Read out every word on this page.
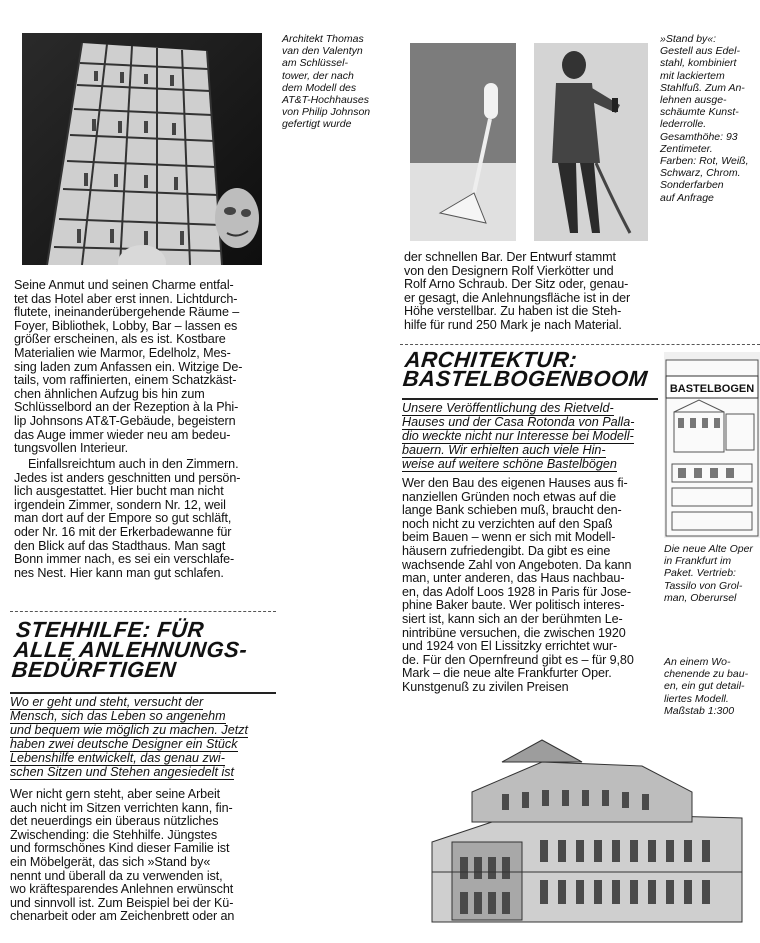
Architekt Thomas
van den Valentyn
am Schlüssel-
tower, der nach
dem Modell des
AT&T-Hochhauses
von Philip Johnson
gefertigt wurde
»Stand by«:
Gestell aus Edel-
stahl, kombiniert
mit lackiertem
Stahlfuß. Zum An-
lehnen ausge-
schäumte Kunst-
lederrolle.
Gesamthöhe: 93
Zentimeter.
Farben: Rot, Weiß,
Schwarz, Chrom.
Sonderfarben
auf Anfrage
der schnellen Bar. Der Entwurf stammt
von den Designern Rolf Vierkötter und
Rolf Arno Schraub. Der Sitz oder, genau-
er gesagt, die Anlehnungsfläche ist in der
Höhe verstellbar. Zu haben ist die Steh-
hilfe für rund 250 Mark je nach Material.
Seine Anmut und seinen Charme entfal-
tet das Hotel aber erst innen. Lichtdurch-
flutete, ineinanderübergehende Räume –
Foyer, Bibliothek, Lobby, Bar – lassen es
größer erscheinen, als es ist. Kostbare
Materialien wie Marmor, Edelholz, Mes-
sing laden zum Anfassen ein. Witzige De-
tails, vom raffinierten, einem Schatzkäst-
chen ähnlichen Aufzug bis hin zum
Schlüsselbord an der Rezeption à la Phi-
lip Johnsons AT&T-Gebäude, begeistern
das Auge immer wieder neu am bedeu-
tungsvollen Interieur.
Einfallsreichtum auch in den Zimmern.
Jedes ist anders geschnitten und persön-
lich ausgestattet. Hier bucht man nicht
irgendein Zimmer, sondern Nr. 12, weil
man dort auf der Empore so gut schläft,
oder Nr. 16 mit der Erkerbadewanne für
den Blick auf das Stadthaus. Man sagt
Bonn immer nach, es sei ein verschlafe-
nes Nest. Hier kann man gut schlafen.
STEHHILFE: FÜR
ALLE ANLEHNUNGS-
BEDÜRFTIGEN
Wo er geht und steht, versucht der
Mensch, sich das Leben so angenehm
und bequem wie möglich zu machen. Jetzt
haben zwei deutsche Designer ein Stück
Lebenshilfe entwickelt, das genau zwi-
schen Sitzen und Stehen angesiedelt ist
Wer nicht gern steht, aber seine Arbeit
auch nicht im Sitzen verrichten kann, fin-
det neuerdings ein überaus nützliches
Zwischending: die Stehhilfe. Jüngstes
und formschönes Kind dieser Familie ist
ein Möbelgerät, das sich »Stand by«
nennt und überall da zu verwenden ist,
wo kräftesparendes Anlehnen erwünscht
und sinnvoll ist. Zum Beispiel bei der Kü-
chenarbeit oder am Zeichenbrett oder an
ARCHITEKTUR:
BASTELBOGENBOOM
Unsere Veröffentlichung des Rietveld-
Hauses und der Casa Rotonda von Palla-
dio weckte nicht nur Interesse bei Modell-
bauern. Wir erhielten auch viele Hin-
weise auf weitere schöne Bastelbögen
Wer den Bau des eigenen Hauses aus fi-
nanziellen Gründen noch etwas auf die
lange Bank schieben muß, braucht den-
noch nicht zu verzichten auf den Spaß
beim Bauen – wenn er sich mit Modell-
häusern zufriedengibt. Da gibt es eine
wachsende Zahl von Angeboten. Da kann
man, unter anderen, das Haus nachbau-
en, das Adolf Loos 1928 in Paris für Jose-
phine Baker baute. Wer politisch interes-
siert ist, kann sich an der berühmten Le-
nintribüne versuchen, die zwischen 1920
und 1924 von El Lissitzky errichtet wur-
de. Für den Opernfreund gibt es – für 9,80
Mark – die neue alte Frankfurter Oper.
Kunstgenuß zu zivilen Preisen
BASTELBOGEN
Die neue Alte Oper
in Frankfurt im
Paket. Vertrieb:
Tassilo von Grol-
man, Oberursel
An einem Wo-
chenende zu bau-
en, ein gut detail-
liertes Modell.
Maßstab 1:300
